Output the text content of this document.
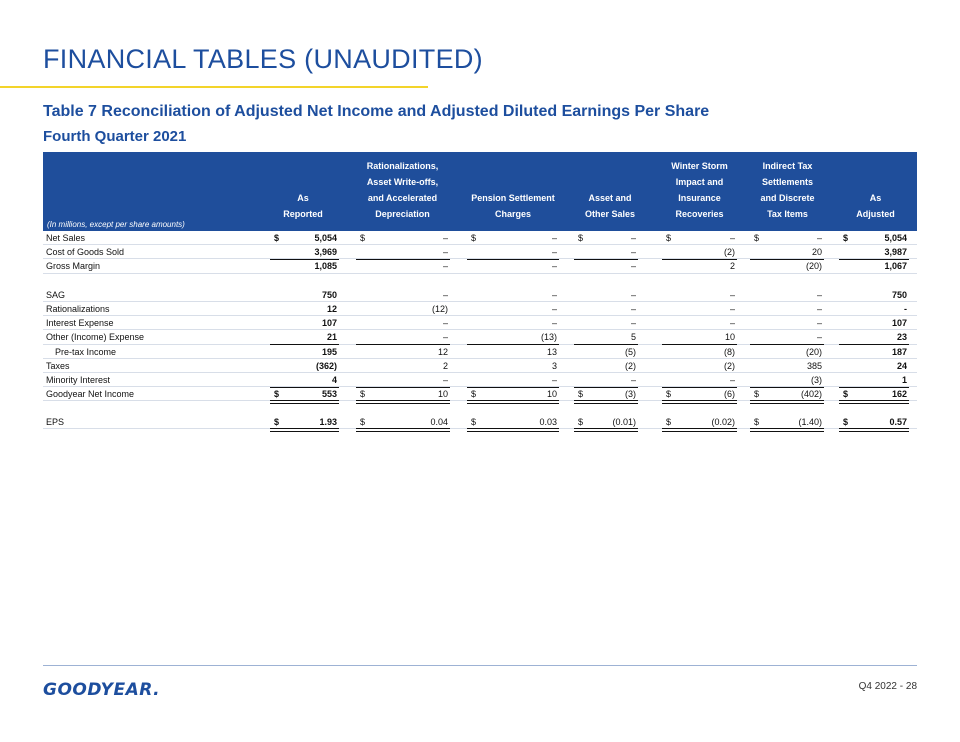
FINANCIAL TABLES (UNAUDITED)
Table 7 Reconciliation of Adjusted Net Income and Adjusted Diluted Earnings Per Share
Fourth Quarter 2021
(In millions, except per share amounts)
As
Reported
Rationalizations,
Asset Write-offs,
and Accelerated
Depreciation
Pension Settlement
Charges
Asset and
Other Sales
Winter Storm
Impact and
Insurance
Recoveries
Indirect Tax
Settlements
and Discrete
Tax Items
As
Adjusted
Net Sales	$	5,054	$	–	$	– $	–	$	– $	– $	5,054
Cost of Goods Sold	3,969	–	–	–	(2)	20	3,987
Gross Margin	1,085	–	–	–	2	(20)	1,067
SAG	750	–	–	–	–	–	750
Rationalizations	12	(12)	–	–	–	–	-
Interest Expense	107	–	–	–	–	–	107
Other (Income) Expense	21	–	(13)	5	10	–	23
Pre-tax Income	195	12	13	(5)	(8)	(20)	187
Taxes	(362)	2	3	(2)	(2)	385	24
Minority Interest	4	–	–	–	–	(3)	1
Goodyear Net Income	$	553	$	10	$	10 $	(3)	$	(6) $	(402) $	162
EPS	$	1.93	$	0.04	$	0.03 $	(0.01)	$	(0.02) $	(1.40) $	0.57
GOODYEAR.	Q4 2022 - 28
